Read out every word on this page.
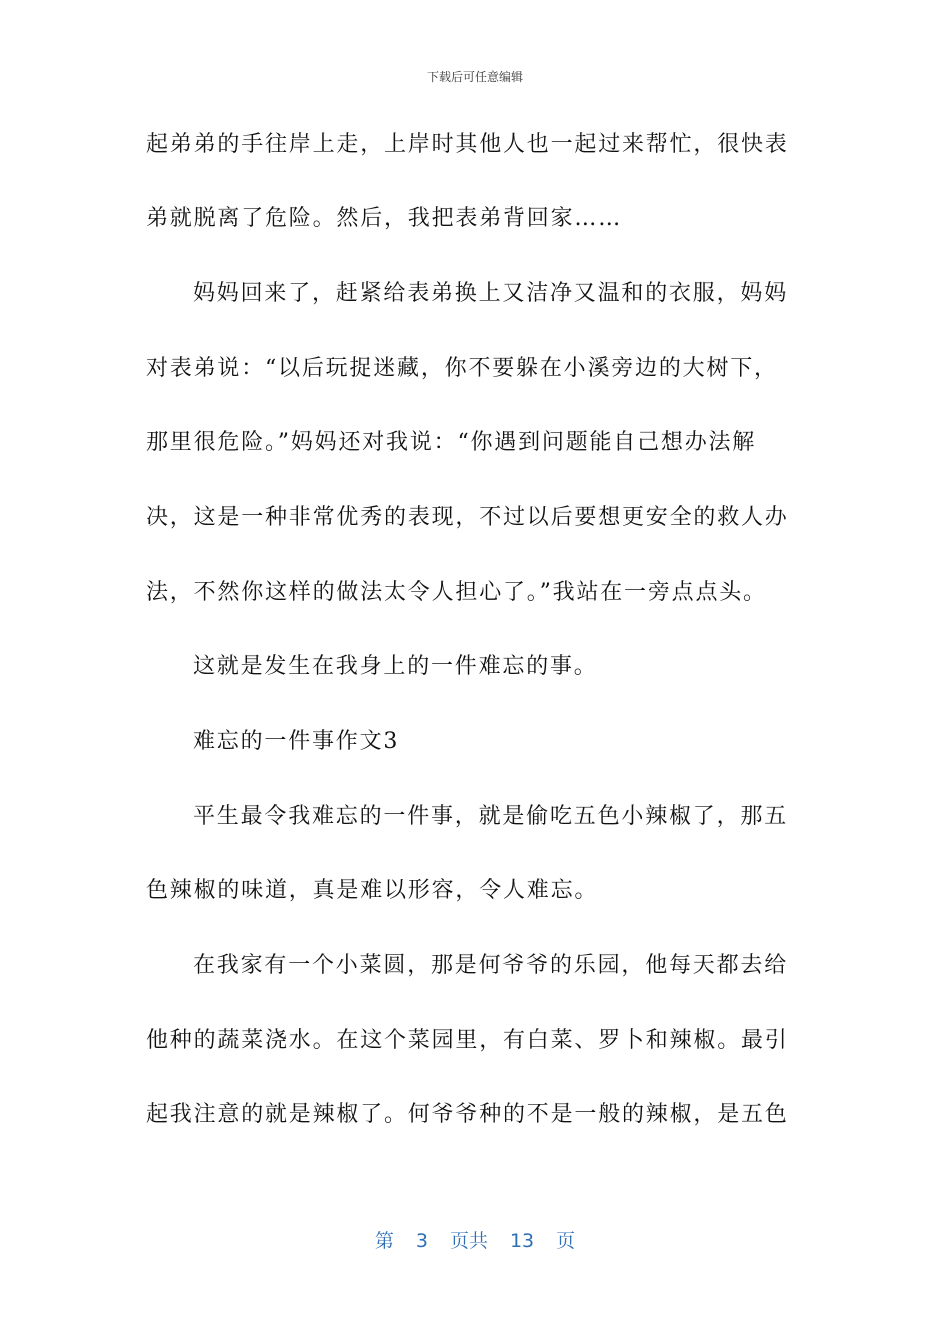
下载后可任意编辑
起弟弟的手往岸上走，上岸时其他人也一起过来帮忙，很快表
弟就脱离了危险。然后，我把表弟背回家……
妈妈回来了，赶紧给表弟换上又洁净又温和的衣服，妈妈
对表弟说：“以后玩捉迷藏，你不要躲在小溪旁边的大树下，
那里很危险。”妈妈还对我说：“你遇到问题能自己想办法解
决，这是一种非常优秀的表现，不过以后要想更安全的救人办
法，不然你这样的做法太令人担心了。”我站在一旁点点头。
这就是发生在我身上的一件难忘的事。
难忘的一件事作文3
平生最令我难忘的一件事，就是偷吃五色小辣椒了，那五
色辣椒的味道，真是难以形容，令人难忘。
在我家有一个小菜圆，那是何爷爷的乐园，他每天都去给
他种的蔬菜浇水。在这个菜园里，有白菜、罗卜和辣椒。最引
起我注意的就是辣椒了。何爷爷种的不是一般的辣椒，是五色
第 3 页共 13 页
